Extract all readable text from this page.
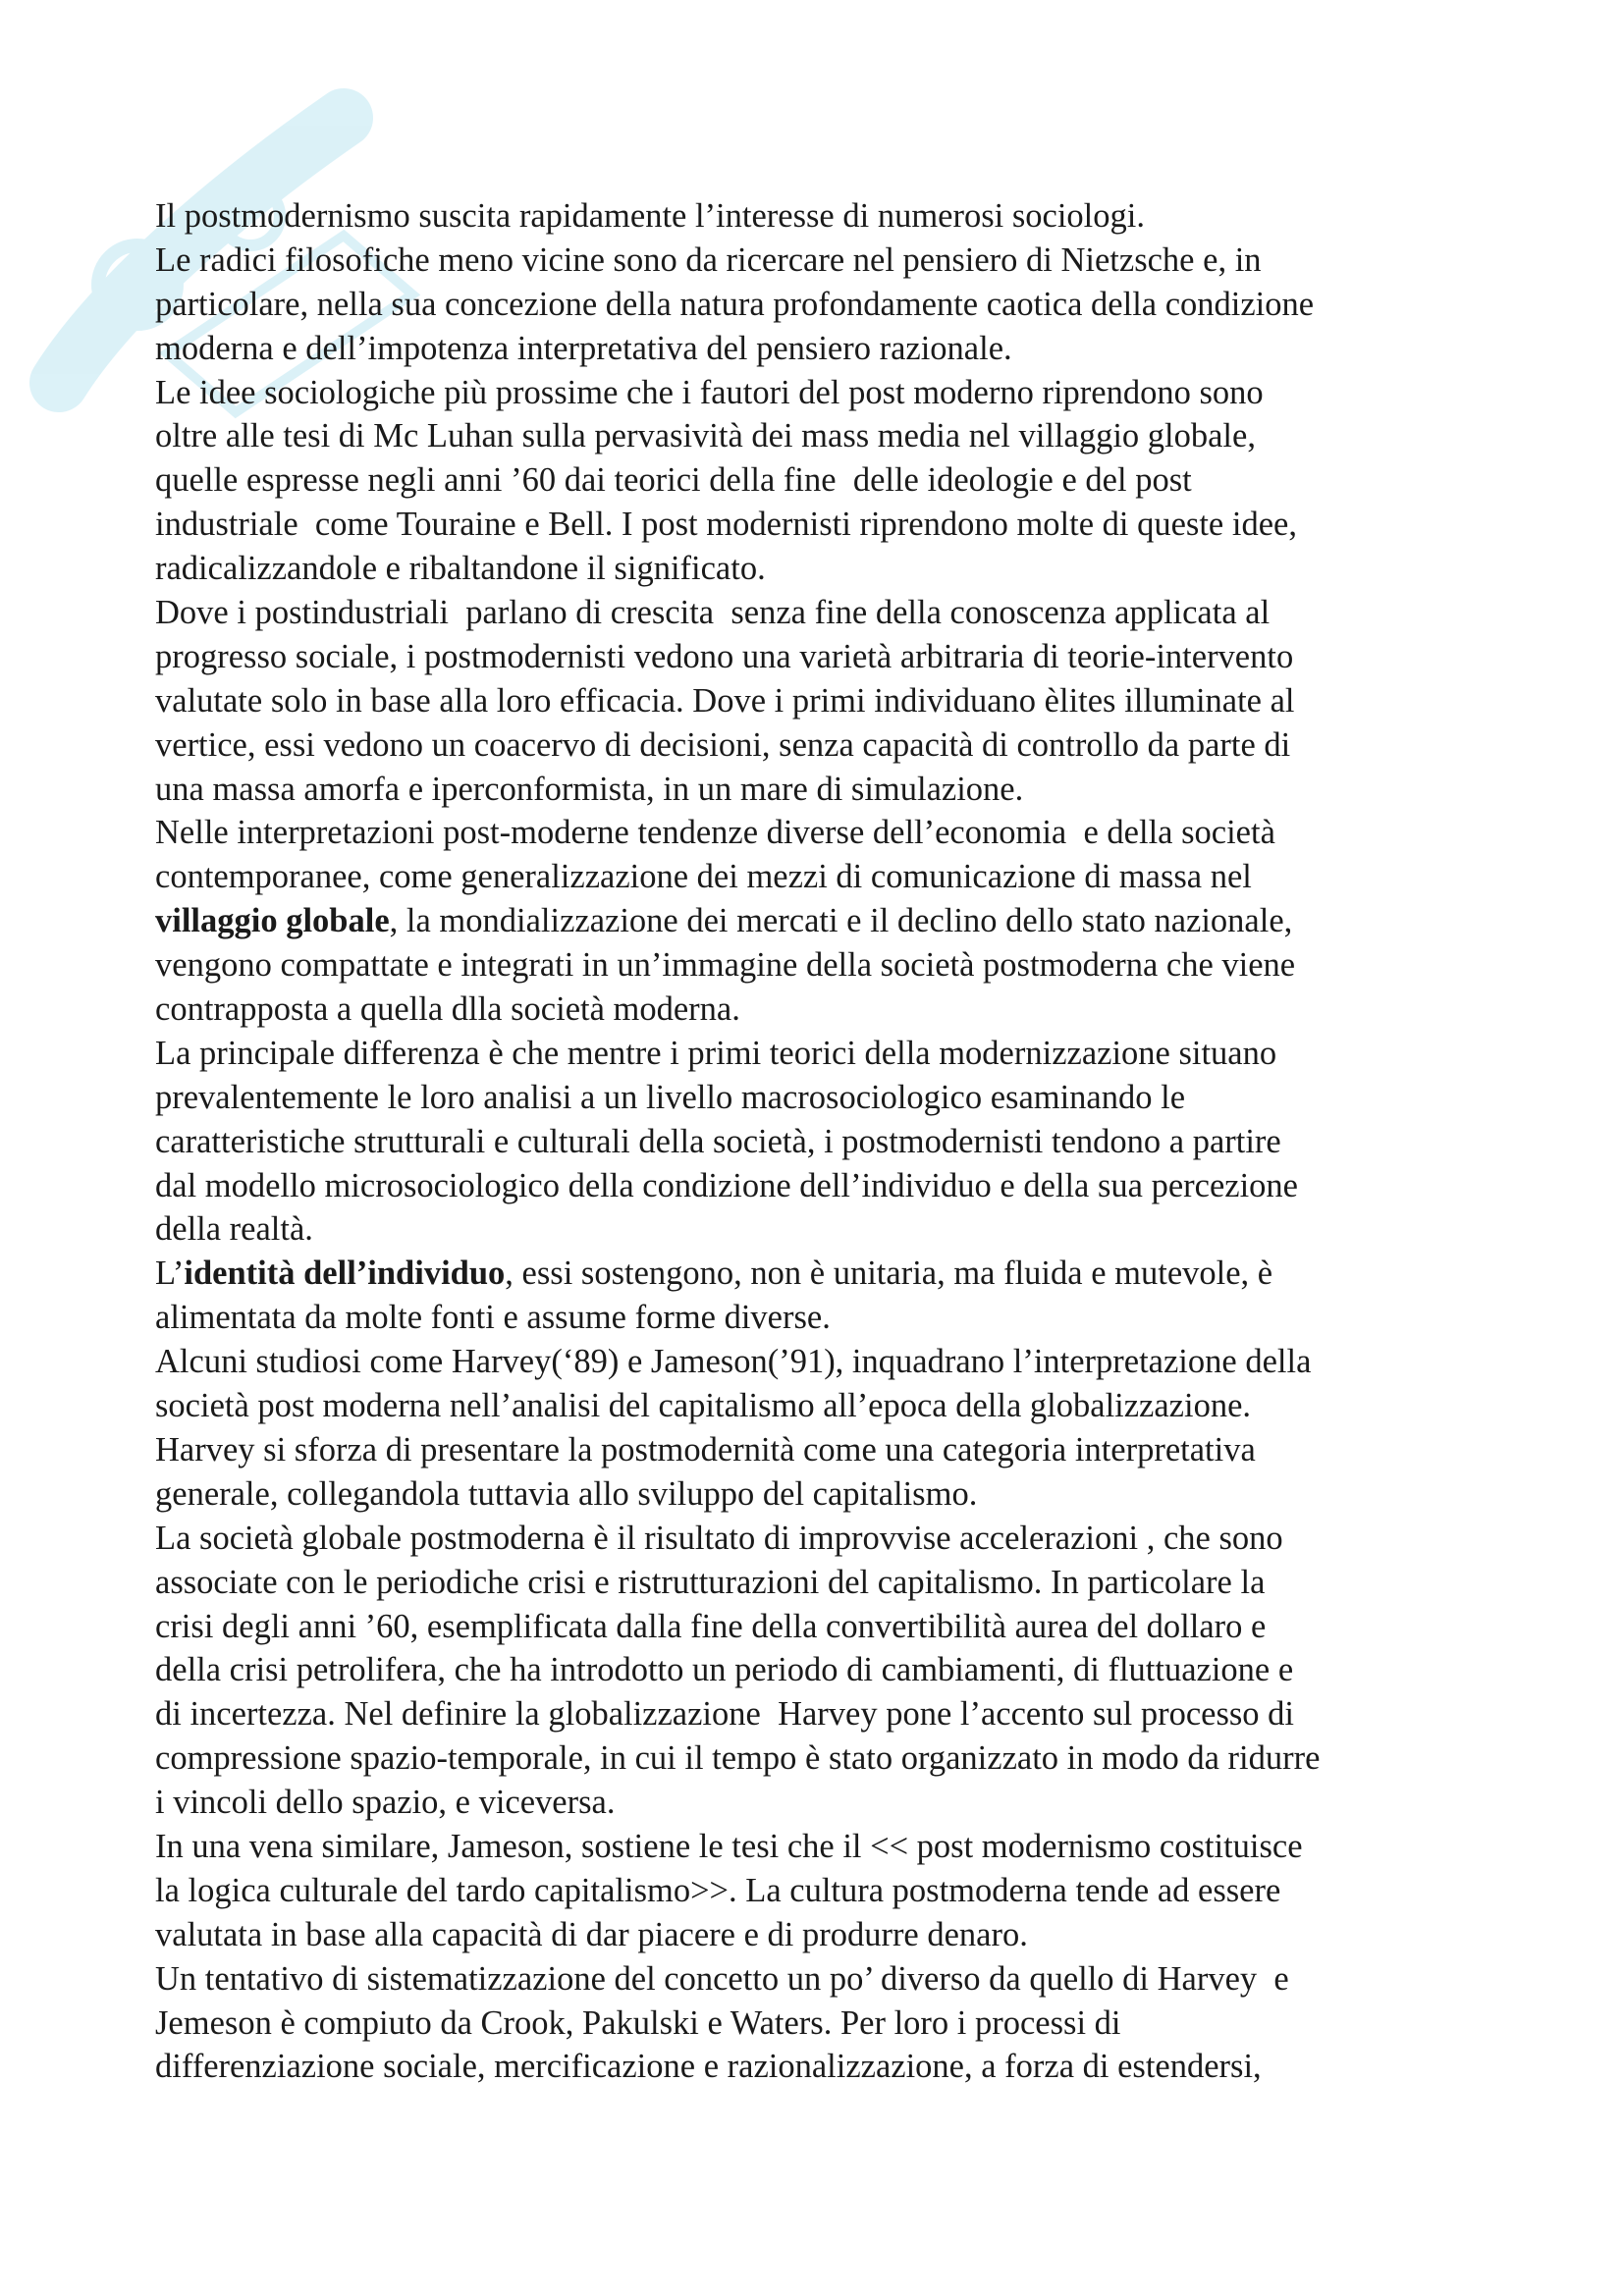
Il postmodernismo suscita rapidamente l’interesse di numerosi sociologi.
Le radici filosofiche meno vicine sono da ricercare nel pensiero di Nietzsche e, in
particolare, nella sua concezione della natura profondamente caotica della condizione
moderna e dell’impotenza interpretativa del pensiero razionale.
Le idee sociologiche più prossime che i fautori del post moderno riprendono sono
oltre alle tesi di Mc Luhan sulla pervasività dei mass media nel villaggio globale,
quelle espresse negli anni ’60 dai teorici della fine  delle ideologie e del post
industriale  come Touraine e Bell. I post modernisti riprendono molte di queste idee,
radicalizzandole e ribaltandone il significato.
Dove i postindustriali  parlano di crescita  senza fine della conoscenza applicata al
progresso sociale, i postmodernisti vedono una varietà arbitraria di teorie-intervento
valutate solo in base alla loro efficacia. Dove i primi individuano èlites illuminate al
vertice, essi vedono un coacervo di decisioni, senza capacità di controllo da parte di
una massa amorfa e iperconformista, in un mare di simulazione.
Nelle interpretazioni post-moderne tendenze diverse dell’economia  e della società
contemporanee, come generalizzazione dei mezzi di comunicazione di massa nel
villaggio globale, la mondializzazione dei mercati e il declino dello stato nazionale,
vengono compattate e integrati in un’immagine della società postmoderna che viene
contrapposta a quella dlla società moderna.
La principale differenza è che mentre i primi teorici della modernizzazione situano
prevalentemente le loro analisi a un livello macrosociologico esaminando le
caratteristiche strutturali e culturali della società, i postmodernisti tendono a partire
dal modello microsociologico della condizione dell’individuo e della sua percezione
della realtà.
L’identità dell’individuo, essi sostengono, non è unitaria, ma fluida e mutevole, è
alimentata da molte fonti e assume forme diverse.
Alcuni studiosi come Harvey(‘89) e Jameson(’91), inquadrano l’interpretazione della
società post moderna nell’analisi del capitalismo all’epoca della globalizzazione.
Harvey si sforza di presentare la postmodernità come una categoria interpretativa
generale, collegandola tuttavia allo sviluppo del capitalismo.
La società globale postmoderna è il risultato di improvvise accelerazioni , che sono
associate con le periodiche crisi e ristrutturazioni del capitalismo. In particolare la
crisi degli anni ’60, esemplificata dalla fine della convertibilità aurea del dollaro e
della crisi petrolifera, che ha introdotto un periodo di cambiamenti, di fluttuazione e
di incertezza. Nel definire la globalizzazione  Harvey pone l’accento sul processo di
compressione spazio-temporale, in cui il tempo è stato organizzato in modo da ridurre
i vincoli dello spazio, e viceversa.
In una vena similare, Jameson, sostiene le tesi che il << post modernismo costituisce
la logica culturale del tardo capitalismo>>. La cultura postmoderna tende ad essere
valutata in base alla capacità di dar piacere e di produrre denaro.
Un tentativo di sistematizzazione del concetto un po’ diverso da quello di Harvey  e
Jemeson è compiuto da Crook, Pakulski e Waters. Per loro i processi di
differenziazione sociale, mercificazione e razionalizzazione, a forza di estendersi,
